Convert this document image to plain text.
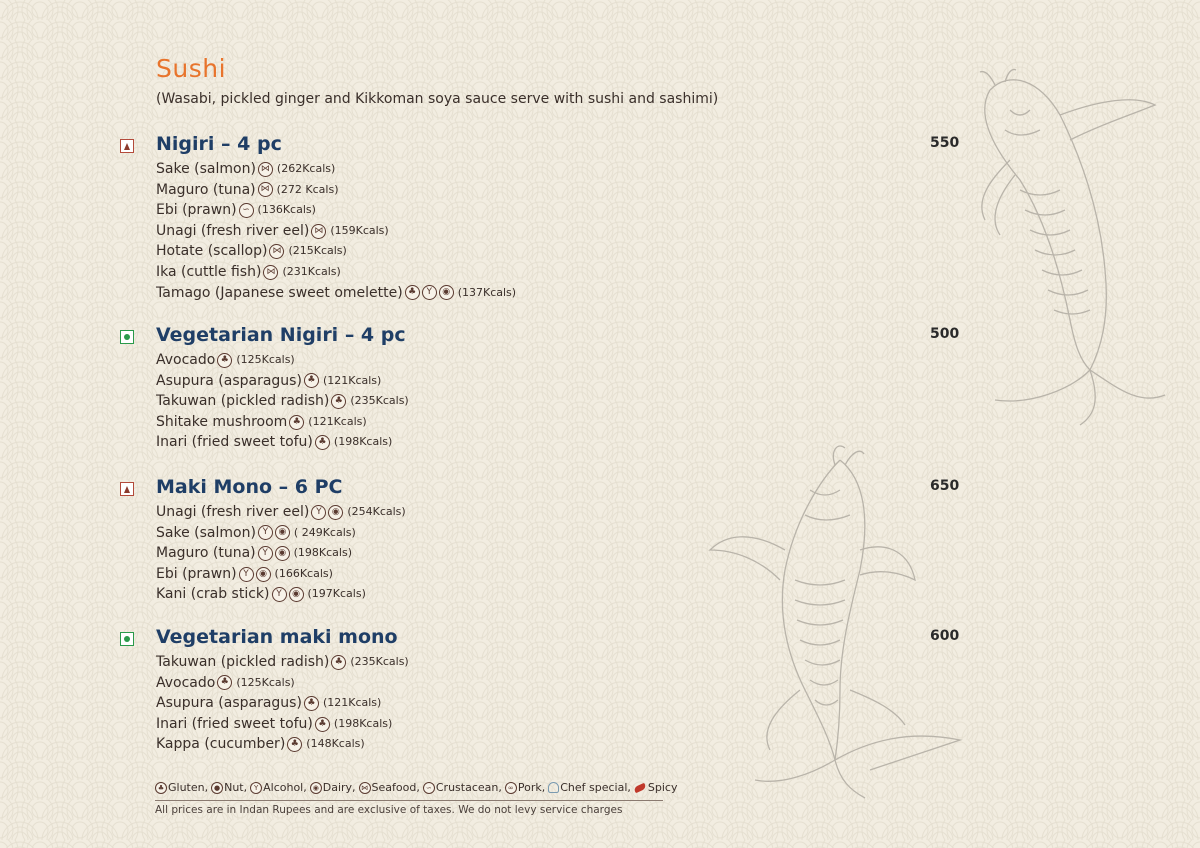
Sushi
(Wasabi, pickled ginger and Kikkoman soya sauce serve with sushi and sashimi)
Nigiri – 4 pc	550
Sake (salmon) ⋈ (262Kcals)
Maguro (tuna) ⋈ (272 Kcals)
Ebi (prawn) ∽ (136Kcals)
Unagi (fresh river eel) ⋈ (159Kcals)
Hotate (scallop) ⋈ (215Kcals)
Ika (cuttle fish) ⋈ (231Kcals)
Tamago (Japanese sweet omelette) ♣	Y	◉ (137Kcals)
Vegetarian Nigiri – 4 pc	500
Avocado ♣ (125Kcals)
Asupura (asparagus) ♣ (121Kcals)
Takuwan (pickled radish) ♣ (235Kcals)
Shitake mushroom ♣ (121Kcals)
Inari (fried sweet tofu) ♣ (198Kcals)
Maki Mono – 6 PC	650
Unagi (fresh river eel) Y	◉ (254Kcals)
Sake (salmon) Y	◉ ( 249Kcals)
Maguro (tuna) Y	◉ (198Kcals)
Ebi (prawn) Y	◉ (166Kcals)
Kani (crab stick) Y	◉ (197Kcals)
Vegetarian maki mono	600
Takuwan (pickled radish) ♣ (235Kcals)
Avocado ♣ (125Kcals)
Asupura (asparagus) ♣ (121Kcals)
Inari (fried sweet tofu) ♣ (198Kcals)
Kappa (cucumber) ♣ (148Kcals)
♣ Gluten, ● Nut, Y Alcohol, ◉ Dairy, ⋈ Seafood, ∽ Crustacean, ∞ Pork, Chef special, Spicy
All prices are in Indan Rupees and are exclusive of taxes. We do not levy service charges
